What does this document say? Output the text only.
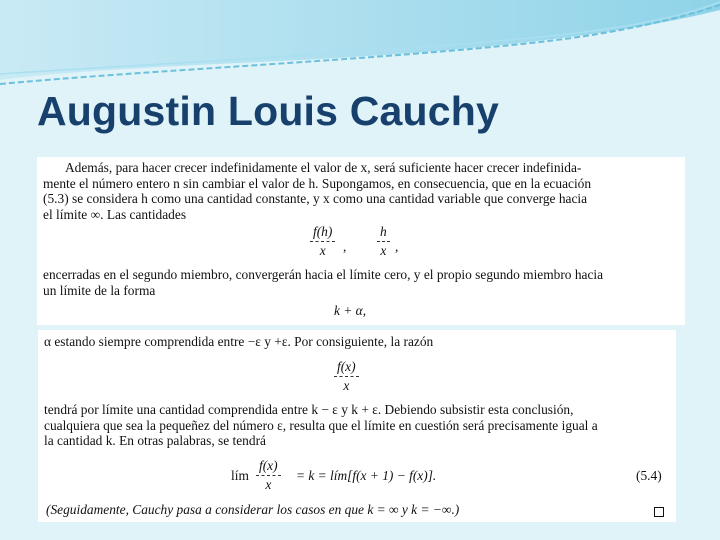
Augustin Louis Cauchy
Además, para hacer crecer indefinidamente el valor de x, será suficiente hacer crecer indefinida-
mente el número entero n sin cambiar el valor de h. Supongamos, en consecuencia, que en la ecuación
(5.3) se considera h como una cantidad constante, y x como una cantidad variable que converge hacia
el límite ∞. Las cantidades
f(h)
x ,
h
x ,
encerradas en el segundo miembro, convergerán hacia el límite cero, y el propio segundo miembro hacia
un límite de la forma
k + α,
α estando siempre comprendida entre −ε y +ε. Por consiguiente, la razón
f(x)
x
tendrá por límite una cantidad comprendida entre k − ε y k + ε. Debiendo subsistir esta conclusión,
cualquiera que sea la pequeñez del número ε, resulta que el límite en cuestión será precisamente igual a
la cantidad k. En otras palabras, se tendrá
lím
f(x)
x
= k = lím[f(x + 1) − f(x)].	(5.4)
(Seguidamente, Cauchy pasa a considerar los casos en que k = ∞ y k = −∞.)
